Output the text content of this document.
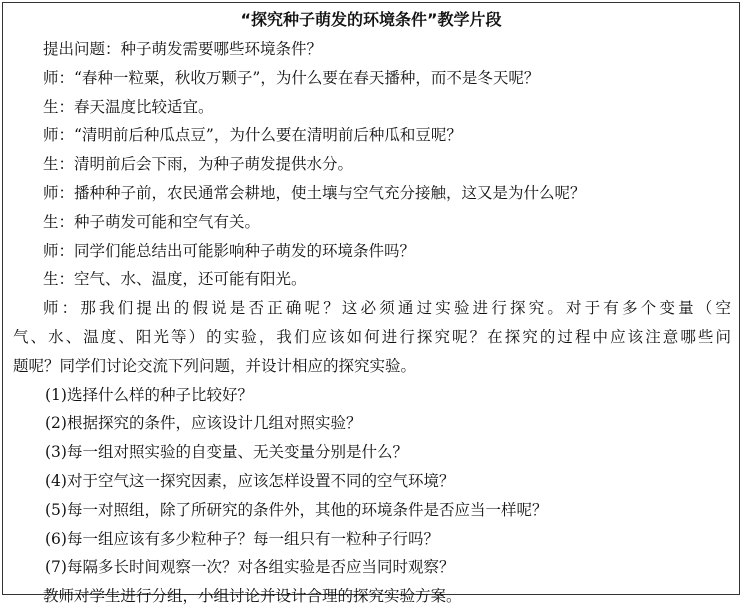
“探究种子萌发的环境条件”教学片段
提出问题：种子萌发需要哪些环境条件？
师：“春种一粒粟，秋收万颗子”，为什么要在春天播种，而不是冬天呢？
生：春天温度比较适宜。
师：“清明前后种瓜点豆”，为什么要在清明前后种瓜和豆呢？
生：清明前后会下雨，为种子萌发提供水分。
师：播种种子前，农民通常会耕地，使土壤与空气充分接触，这又是为什么呢？
生：种子萌发可能和空气有关。
师：同学们能总结出可能影响种子萌发的环境条件吗？
生：空气、水、温度，还可能有阳光。
师：那我们提出的假说是否正确呢？这必须通过实验进行探究。对于有多个变量（空
气、水、温度、阳光等）的实验，我们应该如何进行探究呢？在探究的过程中应该注意哪些问
题呢？同学们讨论交流下列问题，并设计相应的探究实验。
(1)选择什么样的种子比较好？
(2)根据探究的条件，应该设计几组对照实验？
(3)每一组对照实验的自变量、无关变量分别是什么？
(4)对于空气这一探究因素，应该怎样设置不同的空气环境？
(5)每一对照组，除了所研究的条件外，其他的环境条件是否应当一样呢？
(6)每一组应该有多少粒种子？每一组只有一粒种子行吗？
(7)每隔多长时间观察一次？对各组实验是否应当同时观察？
教师对学生进行分组，小组讨论并设计合理的探究实验方案。
